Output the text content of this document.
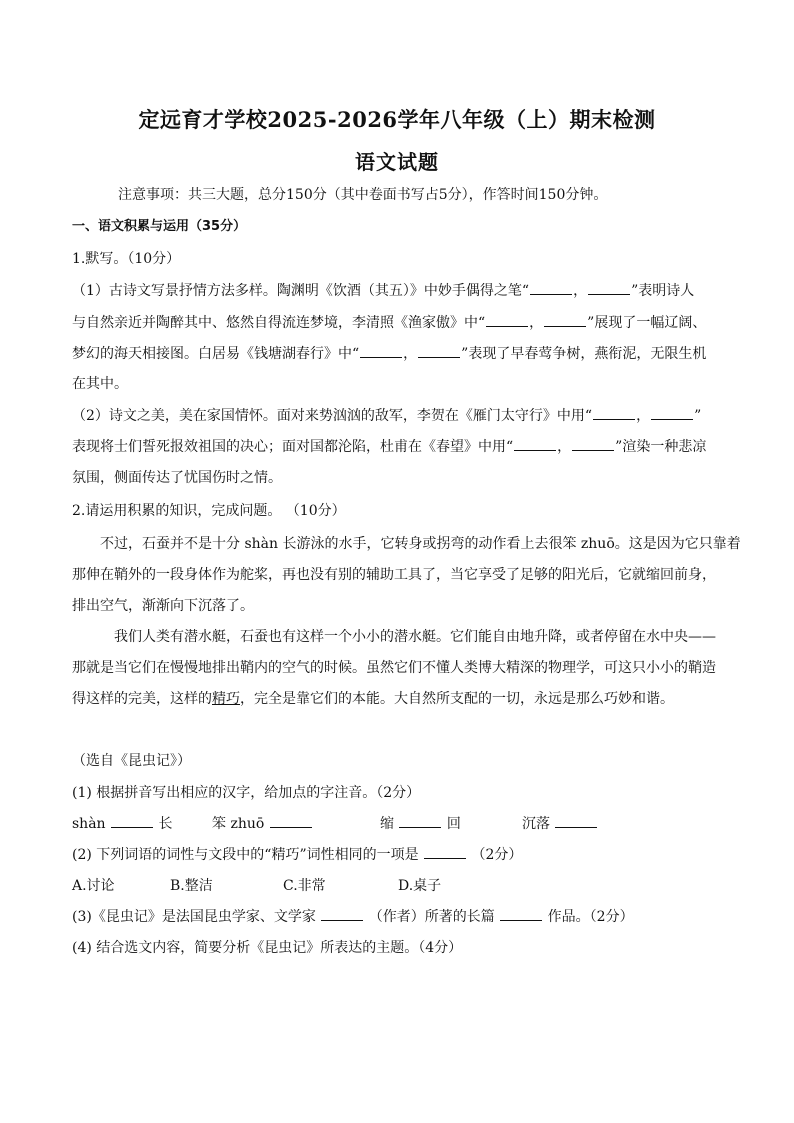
定远育才学校2025-2026学年八年级（上）期末检测
语文试题
注意事项：共三大题，总分150分（其中卷面书写占5分），作答时间150分钟。
一、语文积累与运用（35分）
1.默写。（10分）
（1）古诗文写景抒情方法多样。陶渊明《饮酒（其五）》中妙手偶得之笔“	，	”表明诗人
与自然亲近并陶醉其中、悠然自得流连梦境，李清照《渔家傲》中“	，	”展现了一幅辽阔、
梦幻的海天相接图。白居易《钱塘湖春行》中“	，	”表现了早春莺争树，燕衔泥，无限生机
在其中。
（2）诗文之美，美在家国情怀。面对来势汹汹的敌军，李贺在《雁门太守行》中用“	，	”
表现将士们誓死报效祖国的决心；面对国都沦陷，杜甫在《春望》中用“	，	”渲染一种悲凉
氛围，侧面传达了忧国伤时之情。
2.请运用积累的知识，完成问题。 （10分）
不过，石蚕并不是十分 shàn 长游泳的水手，它转身或拐弯的动作看上去很笨 zhuō。这是因为它只靠着
那伸在鞘外的一段身体作为舵桨，再也没有别的辅助工具了，当它享受了足够的阳光后，它就缩回前身，
排出空气，渐渐向下沉落了。
我们人类有潜水艇，石蚕也有这样一个小小的潜水艇。它们能自由地升降，或者停留在水中央——
那就是当它们在慢慢地排出鞘内的空气的时候。虽然它们不懂人类博大精深的物理学，可这只小小的鞘造
得这样的完美，这样的精巧，完全是靠它们的本能。大自然所支配的一切，永远是那么巧妙和谐。
（选自《昆虫记》）
(1) 根据拼音写出相应的汉字，给加点的字注音。（2分）
shàn	长	笨 zhuō	缩	回	沉落
(2) 下列词语的词性与文段中的“精巧”词性相同的一项是	（2分）
A.讨论	B.整洁	C.非常	D.桌子
(3)《昆虫记》是法国昆虫学家、文学家	（作者）所著的长篇	作品。（2分）
(4) 结合选文内容，简要分析《昆虫记》所表达的主题。（4分）
